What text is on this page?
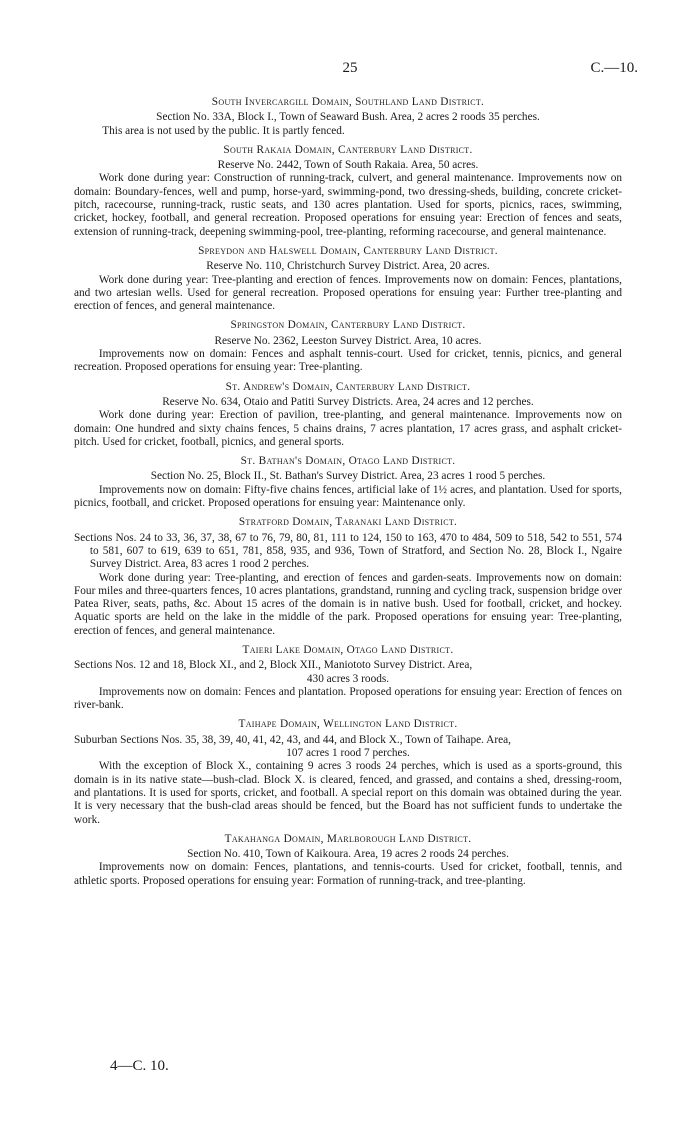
25	C.—10.
South Invercargill Domain, Southland Land District.

Section No. 33A, Block I., Town of Seaward Bush. Area, 2 acres 2 roods 35 perches.

This area is not used by the public. It is partly fenced.

South Rakaia Domain, Canterbury Land District.

Reserve No. 2442, Town of South Rakaia. Area, 50 acres.

Work done during year: Construction of running-track, culvert, and general maintenance. Improvements now on domain: Boundary-fences, well and pump, horse-yard, swimming-pond, two dressing-sheds, building, concrete cricket-pitch, racecourse, running-track, rustic seats, and 130 acres plantation. Used for sports, picnics, races, swimming, cricket, hockey, football, and general recreation. Proposed operations for ensuing year: Erection of fences and seats, extension of running-track, deepening swimming-pool, tree-planting, reforming racecourse, and general maintenance.

Spreydon and Halswell Domain, Canterbury Land District.

Reserve No. 110, Christchurch Survey District. Area, 20 acres.

Work done during year: Tree-planting and erection of fences. Improvements now on domain: Fences, plantations, and two artesian wells. Used for general recreation. Proposed operations for ensuing year: Further tree-planting and erection of fences, and general maintenance.

Springston Domain, Canterbury Land District.

Reserve No. 2362, Leeston Survey District. Area, 10 acres.

Improvements now on domain: Fences and asphalt tennis-court. Used for cricket, tennis, picnics, and general recreation. Proposed operations for ensuing year: Tree-planting.

St. Andrew's Domain, Canterbury Land District.

Reserve No. 634, Otaio and Patiti Survey Districts. Area, 24 acres and 12 perches.

Work done during year: Erection of pavilion, tree-planting, and general maintenance. Improvements now on domain: One hundred and sixty chains fences, 5 chains drains, 7 acres plantation, 17 acres grass, and asphalt cricket-pitch. Used for cricket, football, picnics, and general sports.

St. Bathan's Domain, Otago Land District.

Section No. 25, Block II., St. Bathan's Survey District. Area, 23 acres 1 rood 5 perches.

Improvements now on domain: Fifty-five chains fences, artificial lake of 1½ acres, and plantation. Used for sports, picnics, football, and cricket. Proposed operations for ensuing year: Maintenance only.

Stratford Domain, Taranaki Land District.

Sections Nos. 24 to 33, 36, 37, 38, 67 to 76, 79, 80, 81, 111 to 124, 150 to 163, 470 to 484, 509 to 518, 542 to 551, 574 to 581, 607 to 619, 639 to 651, 781, 858, 935, and 936, Town of Stratford, and Section No. 28, Block I., Ngaire Survey District. Area, 83 acres 1 rood 2 perches.

Work done during year: Tree-planting, and erection of fences and garden-seats. Improvements now on domain: Four miles and three-quarters fences, 10 acres plantations, grandstand, running and cycling track, suspension bridge over Patea River, seats, paths, &c. About 15 acres of the domain is in native bush. Used for football, cricket, and hockey. Aquatic sports are held on the lake in the middle of the park. Proposed operations for ensuing year: Tree-planting, erection of fences, and general maintenance.

Taieri Lake Domain, Otago Land District.

Sections Nos. 12 and 18, Block XI., and 2, Block XII., Maniototo Survey District. Area,

430 acres 3 roods.

Improvements now on domain: Fences and plantation. Proposed operations for ensuing year: Erection of fences on river-bank.

Taihape Domain, Wellington Land District.

Suburban Sections Nos. 35, 38, 39, 40, 41, 42, 43, and 44, and Block X., Town of Taihape. Area,

107 acres 1 rood 7 perches.

With the exception of Block X., containing 9 acres 3 roods 24 perches, which is used as a sports-ground, this domain is in its native state—bush-clad. Block X. is cleared, fenced, and grassed, and contains a shed, dressing-room, and plantations. It is used for sports, cricket, and football. A special report on this domain was obtained during the year. It is very necessary that the bush-clad areas should be fenced, but the Board has not sufficient funds to undertake the work.

Takahanga Domain, Marlborough Land District.

Section No. 410, Town of Kaikoura. Area, 19 acres 2 roods 24 perches.

Improvements now on domain: Fences, plantations, and tennis-courts. Used for cricket, football, tennis, and athletic sports. Proposed operations for ensuing year: Formation of running-track, and tree-planting.

4—C. 10.
